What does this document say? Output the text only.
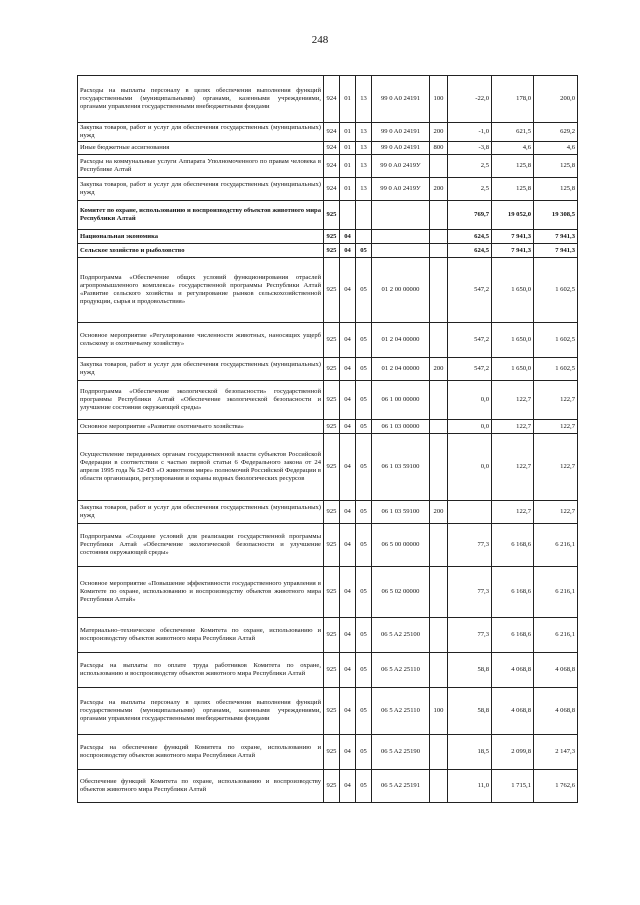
248
Расходы на выплаты персоналу в целях обеспечения выполнения функций государственными (муниципальными) органами, казенными учреждениями, органами управления государственными внебюджетными фондами	924	01	13	99 0 A0 24191	100	-22,0	178,0	200,0
Закупка товаров, работ и услуг для обеспечения государственных (муниципальных) нужд	924	01	13	99 0 A0 24191	200	-1,0	621,5	629,2
Иные бюджетные ассигнования	924	01	13	99 0 A0 24191	800	-3,8	4,6	4,6
Расходы на коммунальные услуги Аппарата Уполномоченного по правам человека в Республике Алтай	924	01	13	99 0 A0 2419У		2,5	125,8	125,8
Закупка товаров, работ и услуг для обеспечения государственных (муниципальных) нужд	924	01	13	99 0 A0 2419У	200	2,5	125,8	125,8
Комитет по охране, использованию и воспроизводству объектов животного мира Республики Алтай	925					769,7	19 052,0	19 308,5
Национальная экономика	925	04				624,5	7 941,3	7 941,3
Сельское хозяйство и рыболовство	925	04	05			624,5	7 941,3	7 941,3
Подпрограмма «Обеспечение общих условий функционирования отраслей агропромышленного комплекса» государственной программы Республики Алтай «Развитие сельского хозяйства и регулирование рынков сельскохозяйственной продукции, сырья и продовольствия»	925	04	05	01 2 00 00000		547,2	1 650,0	1 602,5
Основное мероприятие «Регулирование численности животных, наносящих ущерб сельскому и охотничьему хозяйству»	925	04	05	01 2 04 00000		547,2	1 650,0	1 602,5
Закупка товаров, работ и услуг для обеспечения государственных (муниципальных) нужд	925	04	05	01 2 04 00000	200	547,2	1 650,0	1 602,5
Подпрограмма «Обеспечение экологической безопасности» государственной программы Республики Алтай «Обеспечение экологической безопасности и улучшение состояния окружающей среды»	925	04	05	06 1 00 00000		0,0	122,7	122,7
Основное мероприятие «Развитие охотничьего хозяйства»	925	04	05	06 1 03 00000		0,0	122,7	122,7
Осуществление переданных органам государственной власти субъектов Российской Федерации в соответствии с частью первой статьи 6 Федерального закона от 24 апреля 1995 года № 52-ФЗ «О животном мире» полномочий Российской Федерации в области организации, регулирования и охраны водных биологических ресурсов	925	04	05	06 1 03 59100		0,0	122,7	122,7
Закупка товаров, работ и услуг для обеспечения государственных (муниципальных) нужд	925	04	05	06 1 03 59100	200		122,7	122,7
Подпрограмма «Создание условий для реализации государственной программы Республики Алтай «Обеспечение экологической безопасности и улучшение состояния окружающей среды»	925	04	05	06 5 00 00000		77,3	6 168,6	6 216,1
Основное мероприятие «Повышение эффективности государственного управления в Комитете по охране, использованию и воспроизводству объектов животного мира Республики Алтай»	925	04	05	06 5 02 00000		77,3	6 168,6	6 216,1
Материально–техническое обеспечение Комитета по охране, использованию и воспроизводству объектов животного мира Республики Алтай	925	04	05	06 5 A2 25100		77,3	6 168,6	6 216,1
Расходы на выплаты по оплате труда работников Комитета по охране, использованию и воспроизводству объектов животного мира Республики Алтай	925	04	05	06 5 A2 25110		58,8	4 068,8	4 068,8
Расходы на выплаты персоналу в целях обеспечения выполнения функций государственными (муниципальными) органами, казенными учреждениями, органами управления государственными внебюджетными фондами	925	04	05	06 5 A2 25110	100	58,8	4 068,8	4 068,8
Расходы на обеспечение функций Комитета по охране, использованию и воспроизводству объектов животного мира Республики Алтай	925	04	05	06 5 A2 25190		18,5	2 099,8	2 147,3
Обеспечение функций Комитета по охране, использованию и воспроизводству объектов животного мира Республики Алтай	925	04	05	06 5 A2 25191		11,0	1 715,1	1 762,6
